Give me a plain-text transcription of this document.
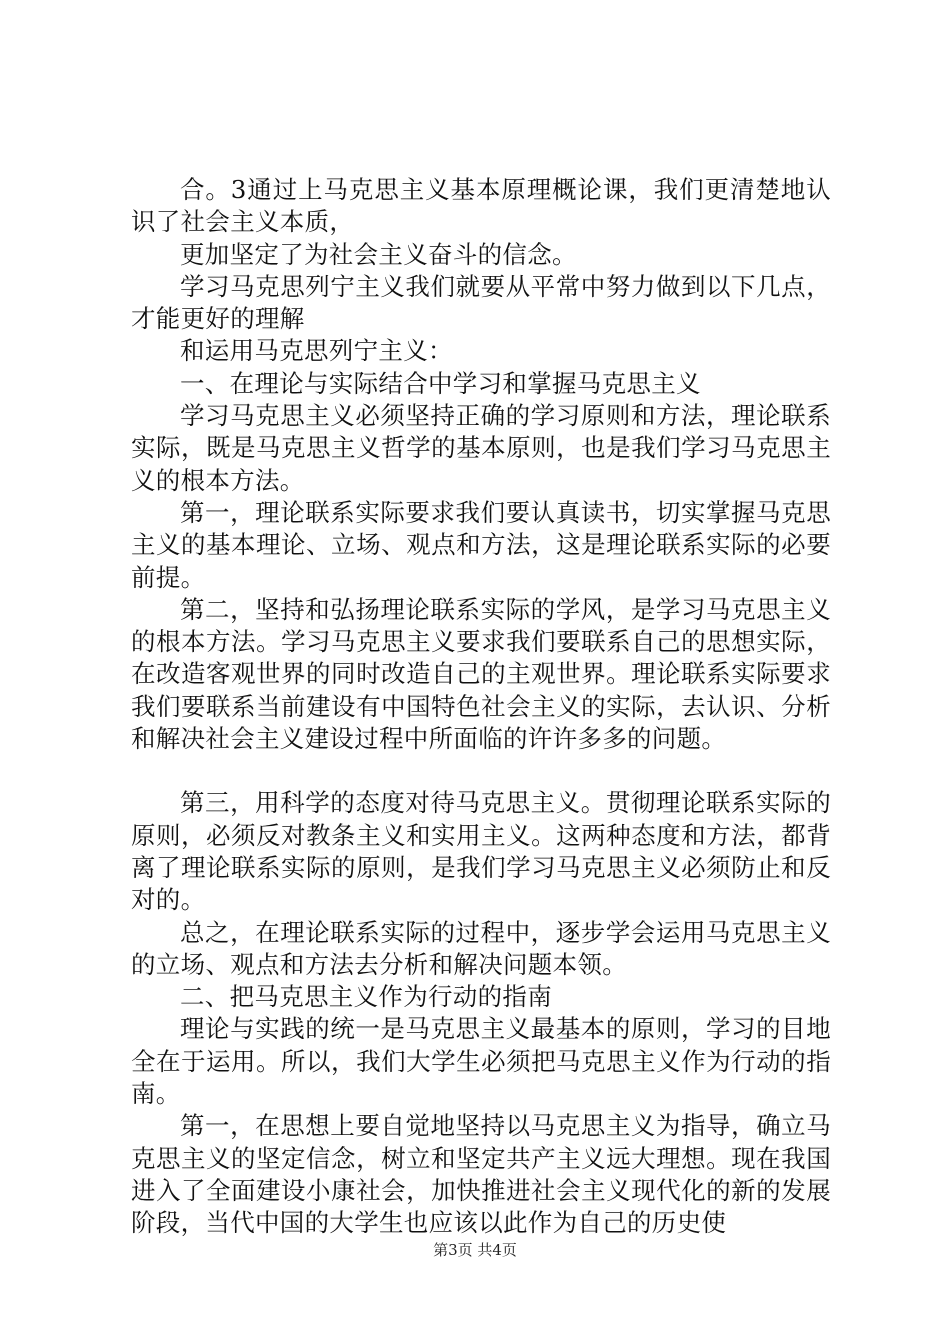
合。3通过上马克思主义基本原理概论课，我们更清楚地认识了社会主义本质，

更加坚定了为社会主义奋斗的信念。

学习马克思列宁主义我们就要从平常中努力做到以下几点，才能更好的理解

和运用马克思列宁主义：

一、在理论与实际结合中学习和掌握马克思主义

学习马克思主义必须坚持正确的学习原则和方法，理论联系实际，既是马克思主义哲学的基本原则，也是我们学习马克思主义的根本方法。

第一，理论联系实际要求我们要认真读书，切实掌握马克思主义的基本理论、立场、观点和方法，这是理论联系实际的必要前提。

第二，坚持和弘扬理论联系实际的学风，是学习马克思主义的根本方法。学习马克思主义要求我们要联系自己的思想实际，在改造客观世界的同时改造自己的主观世界。理论联系实际要求我们要联系当前建设有中国特色社会主义的实际，去认识、分析和解决社会主义建设过程中所面临的许许多多的问题。

第三，用科学的态度对待马克思主义。贯彻理论联系实际的原则，必须反对教条主义和实用主义。这两种态度和方法，都背离了理论联系实际的原则，是我们学习马克思主义必须防止和反对的。

总之，在理论联系实际的过程中，逐步学会运用马克思主义的立场、观点和方法去分析和解决问题本领。

二、把马克思主义作为行动的指南

理论与实践的统一是马克思主义最基本的原则，学习的目地全在于运用。所以，我们大学生必须把马克思主义作为行动的指南。

第一，在思想上要自觉地坚持以马克思主义为指导，确立马克思主义的坚定信念，树立和坚定共产主义远大理想。现在我国进入了全面建设小康社会，加快推进社会主义现代化的新的发展阶段，当代中国的大学生也应该以此作为自己的历史使

第3页 共4页
